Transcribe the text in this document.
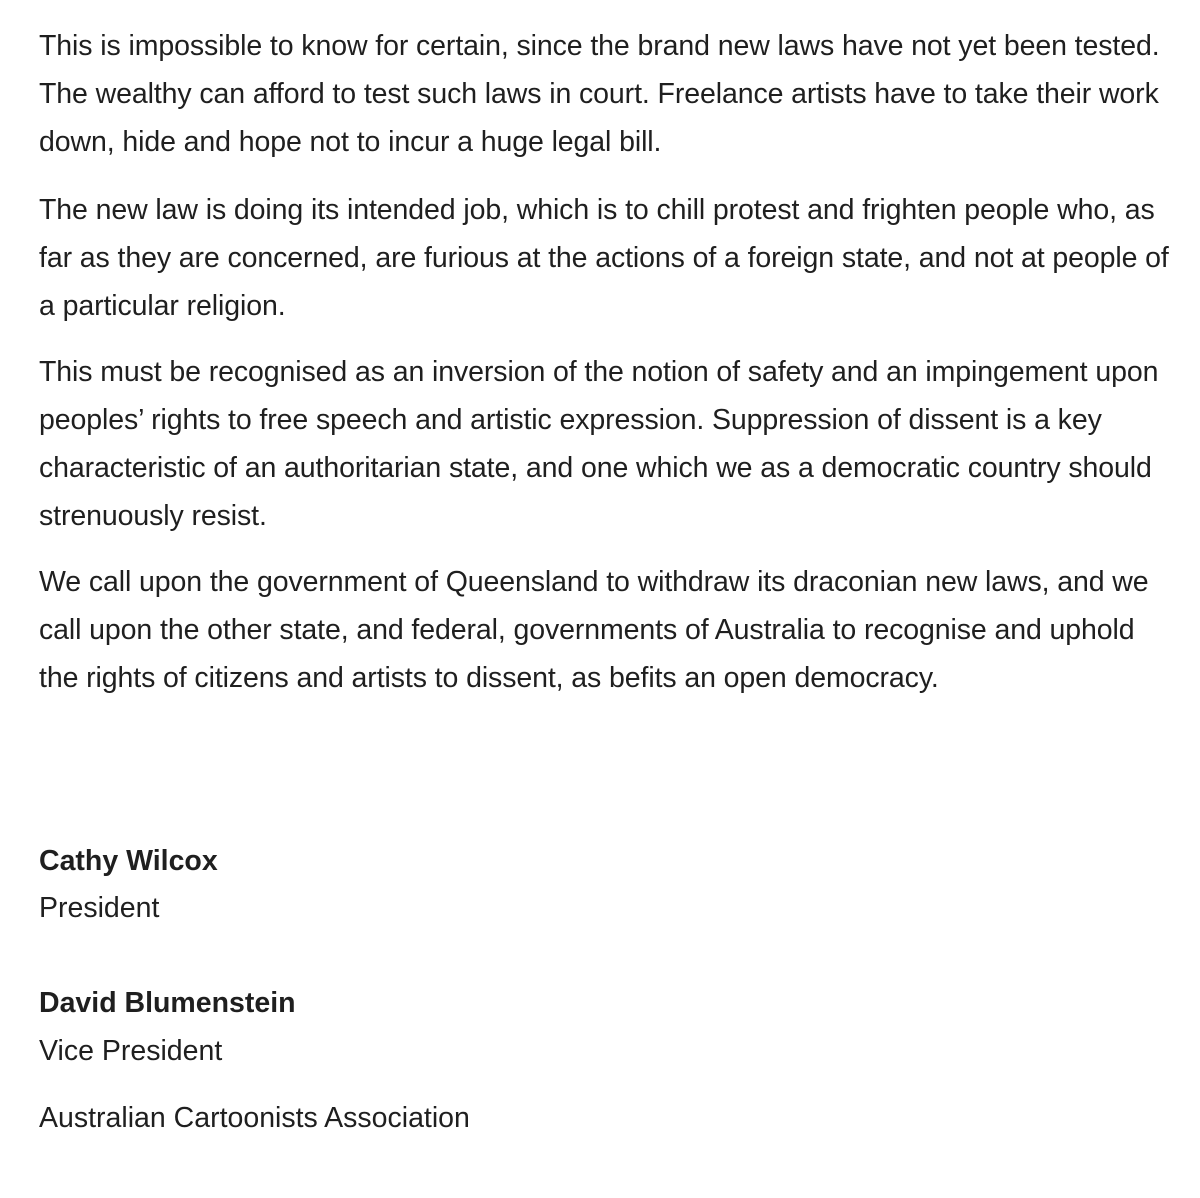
This is impossible to know for certain, since the brand new laws have not yet been tested. The wealthy can afford to test such laws in court. Freelance artists have to take their work down, hide and hope not to incur a huge legal bill.

The new law is doing its intended job, which is to chill protest and frighten people who, as far as they are concerned, are furious at the actions of a foreign state, and not at people of a particular religion.

This must be recognised as an inversion of the notion of safety and an impingement upon peoples’ rights to free speech and artistic expression. Suppression of dissent is a key characteristic of an authoritarian state, and one which we as a democratic country should strenuously resist.

We call upon the government of Queensland to withdraw its draconian new laws, and we call upon the other state, and federal, governments of Australia to recognise and uphold the rights of citizens and artists to dissent, as befits an open democracy.

Cathy Wilcox

President

David Blumenstein

Vice President

Australian Cartoonists Association
